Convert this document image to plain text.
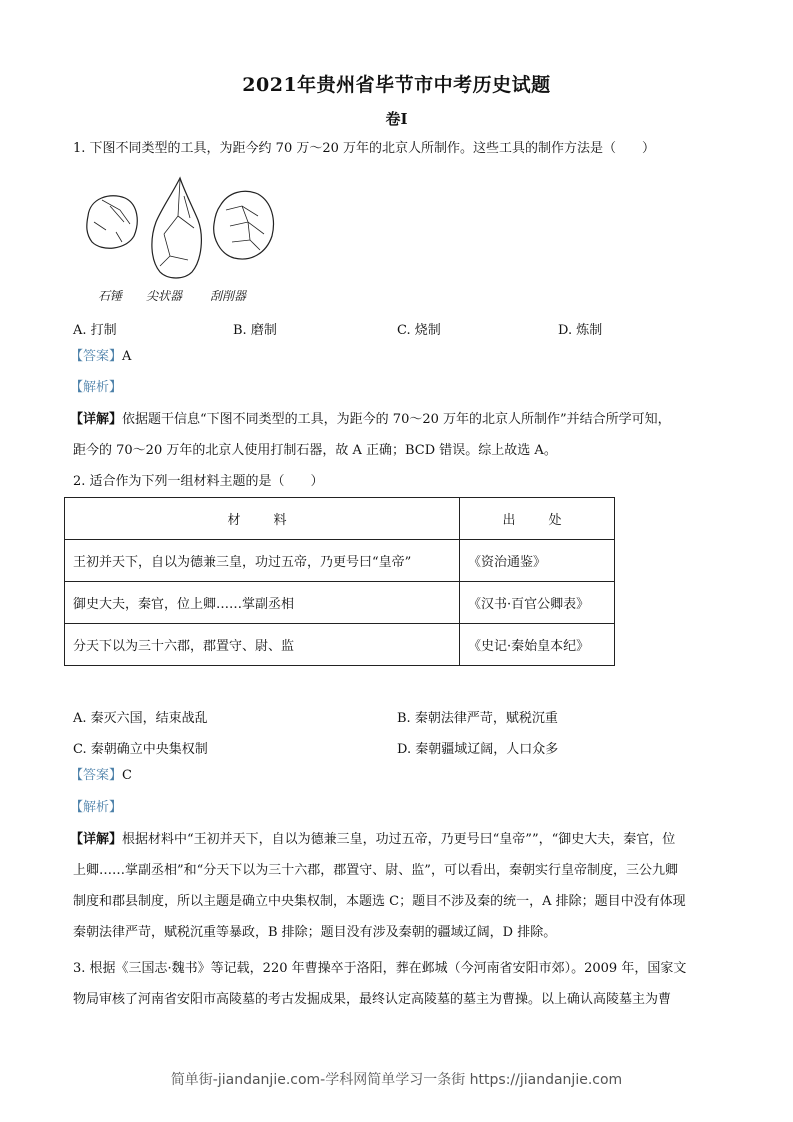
2021年贵州省毕节市中考历史试题
卷Ⅰ
1. 下图不同类型的工具，为距今约 70 万～20 万年的北京人所制作。这些工具的制作方法是（　　）
石锤 尖状器 刮削器
A. 打制	B. 磨制	C. 烧制	D. 炼制
【答案】A
【解析】
【详解】依据题干信息“下图不同类型的工具，为距今的 70～20 万年的北京人所制作”并结合所学可知，
距今的 70～20 万年的北京人使用打制石器，故 A 正确；BCD 错误。综上故选 A。
2. 适合作为下列一组材料主题的是（　　）
材　料	出　处
王初并天下，自以为德兼三皇，功过五帝，乃更号曰“皇帝”	《资治通鉴》
御史大夫，秦官，位上卿……掌副丞相	《汉书·百官公卿表》
分天下以为三十六郡，郡置守、尉、监	《史记·秦始皇本纪》
A. 秦灭六国，结束战乱	B. 秦朝法律严苛，赋税沉重
C. 秦朝确立中央集权制	D. 秦朝疆域辽阔，人口众多
【答案】C
【解析】
【详解】根据材料中“王初并天下，自以为德兼三皇，功过五帝，乃更号曰“皇帝””，“御史大夫，秦官，位
上卿……掌副丞相”和“分天下以为三十六郡，郡置守、尉、监”，可以看出，秦朝实行皇帝制度，三公九卿
制度和郡县制度，所以主题是确立中央集权制，本题选 C；题目不涉及秦的统一，A 排除；题目中没有体现
秦朝法律严苛，赋税沉重等暴政，B 排除；题目没有涉及秦朝的疆域辽阔，D 排除。
3. 根据《三国志·魏书》等记载，220 年曹操卒于洛阳，葬在邺城（今河南省安阳市郊）。2009 年，国家文
物局审核了河南省安阳市高陵墓的考古发掘成果，最终认定高陵墓的墓主为曹操。以上确认高陵墓主为曹
简单街-jiandanjie.com-学科网简单学习一条街 https://jiandanjie.com
